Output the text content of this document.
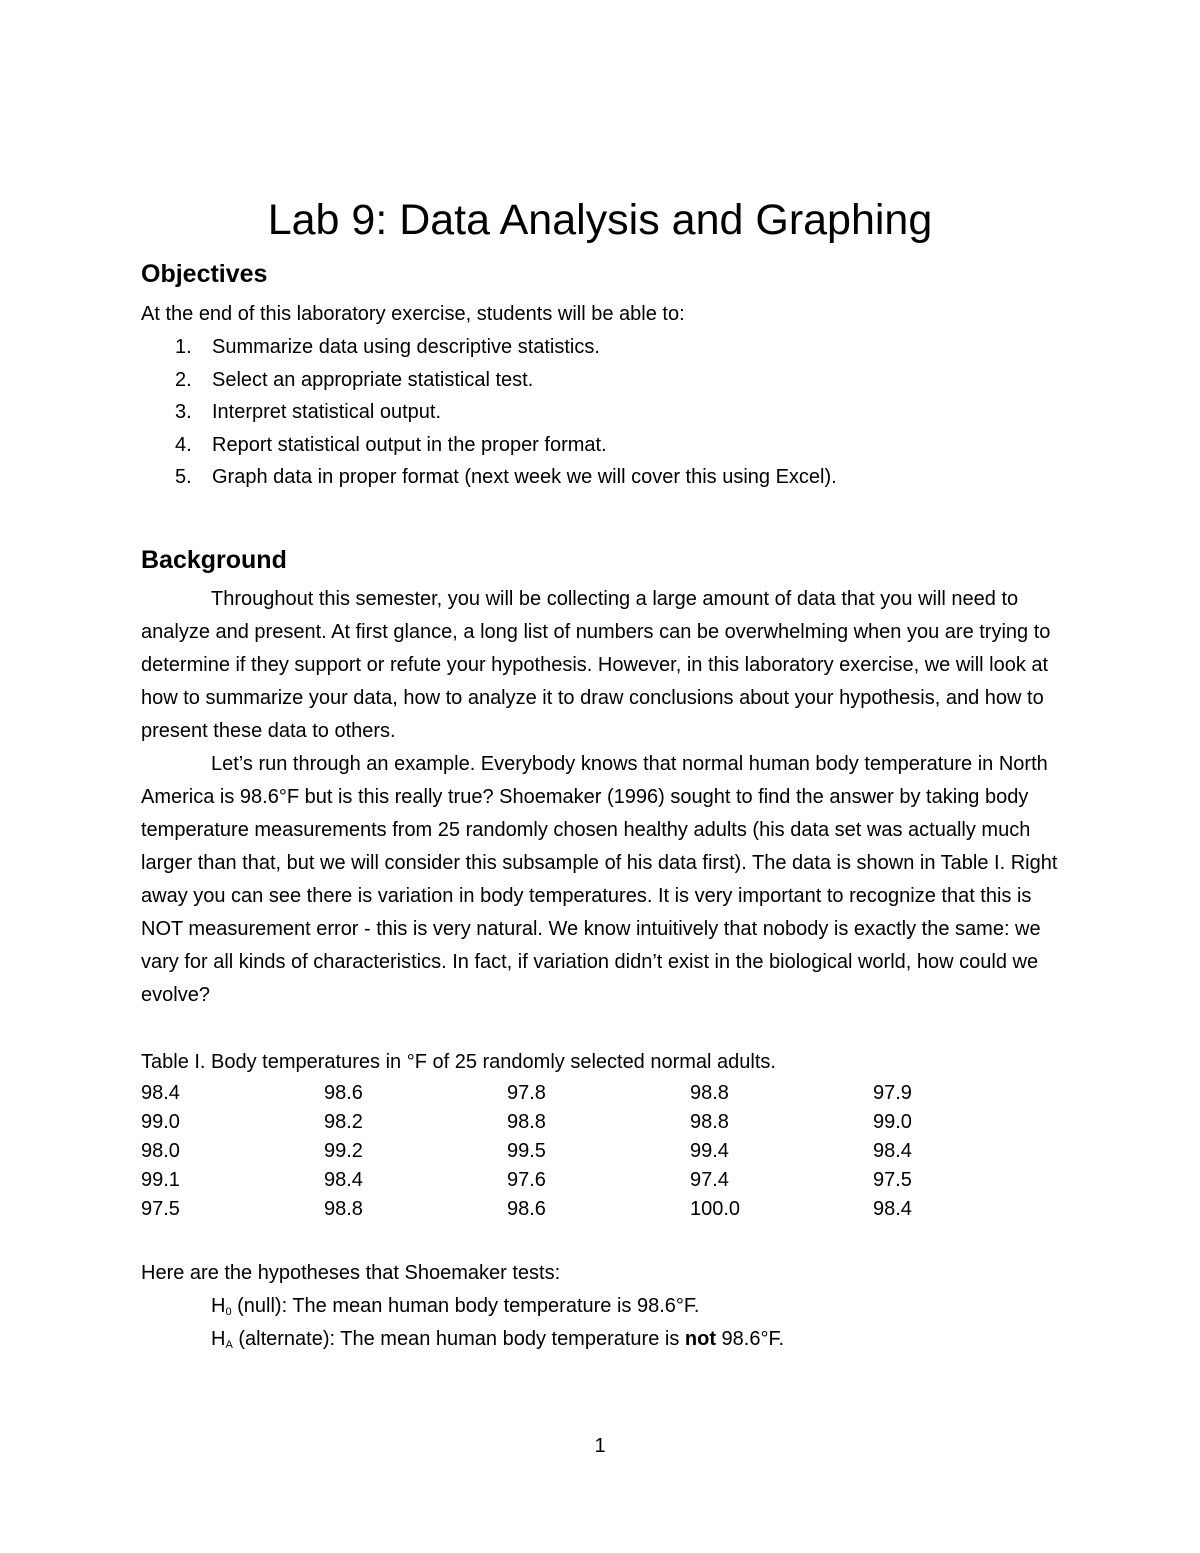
Lab 9: Data Analysis and Graphing
Objectives
At the end of this laboratory exercise, students will be able to:
1. Summarize data using descriptive statistics.
2. Select an appropriate statistical test.
3. Interpret statistical output.
4. Report statistical output in the proper format.
5. Graph data in proper format (next week we will cover this using Excel).
Background

Throughout this semester, you will be collecting a large amount of data that you will need to analyze and present. At first glance, a long list of numbers can be overwhelming when you are trying to determine if they support or refute your hypothesis. However, in this laboratory exercise, we will look at how to summarize your data, how to analyze it to draw conclusions about your hypothesis, and how to present these data to others.

Let’s run through an example. Everybody knows that normal human body temperature in North America is 98.6°F but is this really true? Shoemaker (1996) sought to find the answer by taking body temperature measurements from 25 randomly chosen healthy adults (his data set was actually much larger than that, but we will consider this subsample of his data first). The data is shown in Table I. Right away you can see there is variation in body temperatures. It is very important to recognize that this is NOT measurement error - this is very natural. We know intuitively that nobody is exactly the same: we vary for all kinds of characteristics. In fact, if variation didn’t exist in the biological world, how could we evolve?

Table I. Body temperatures in °F of 25 randomly selected normal adults.
98.4	98.6	97.8	98.8	97.9
99.0	98.2	98.8	98.8	99.0
98.0	99.2	99.5	99.4	98.4
99.1	98.4	97.6	97.4	97.5
97.5	98.8	98.6	100.0	98.4
Here are the hypotheses that Shoemaker tests:
$H_0$ (null): The mean human body temperature is 98.6°F.
$H_A$ (alternate): The mean human body temperature is not 98.6°F.
1
